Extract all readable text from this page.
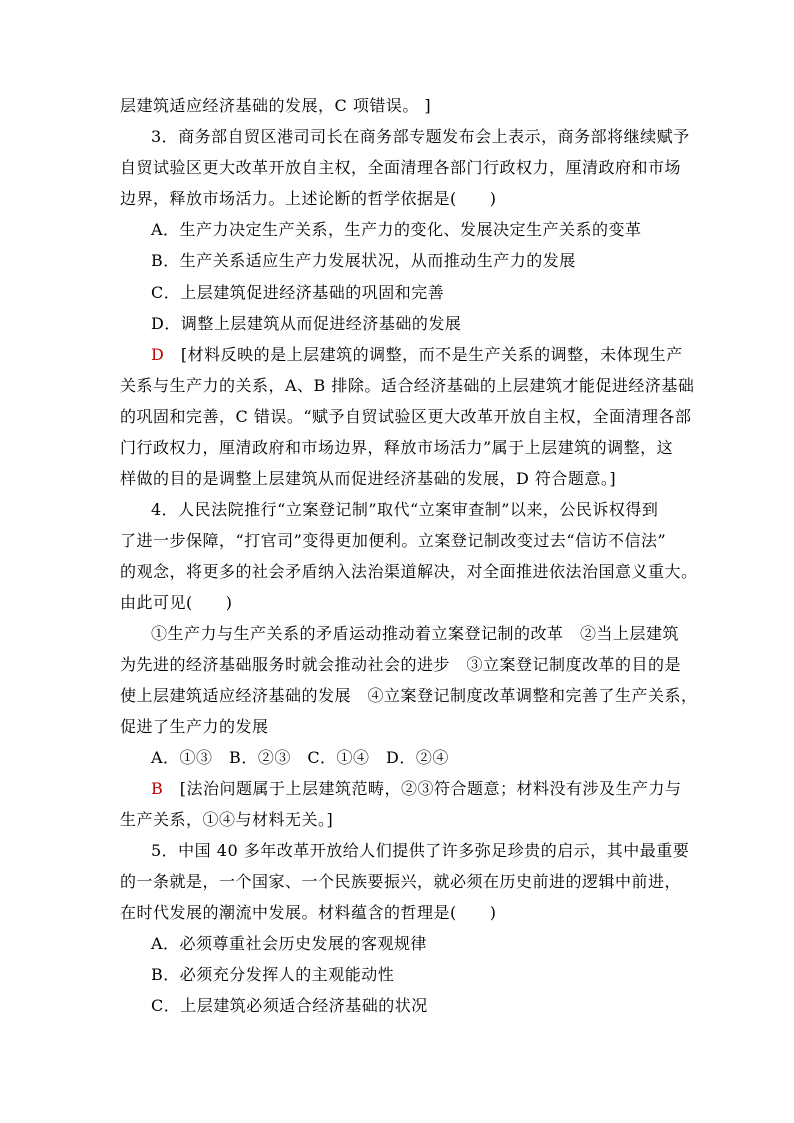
层建筑适应经济基础的发展，C 项错误。 ]
3．商务部自贸区港司司长在商务部专题发布会上表示，商务部将继续赋予
自贸试验区更大改革开放自主权，全面清理各部门行政权力，厘清政府和市场
边界，释放市场活力。上述论断的哲学依据是(　　)
A．生产力决定生产关系，生产力的变化、发展决定生产关系的变革
B．生产关系适应生产力发展状况，从而推动生产力的发展
C．上层建筑促进经济基础的巩固和完善
D．调整上层建筑从而促进经济基础的发展
D　 [材料反映的是上层建筑的调整，而不是生产关系的调整，未体现生产
关系与生产力的关系，A、B 排除。适合经济基础的上层建筑才能促进经济基础
的巩固和完善，C 错误。“赋予自贸试验区更大改革开放自主权，全面清理各部
门行政权力，厘清政府和市场边界，释放市场活力”属于上层建筑的调整，这
样做的目的是调整上层建筑从而促进经济基础的发展，D 符合题意。]
4．人民法院推行“立案登记制”取代“立案审查制”以来，公民诉权得到
了进一步保障，“打官司”变得更加便利。立案登记制改变过去“信访不信法”
的观念，将更多的社会矛盾纳入法治渠道解决，对全面推进依法治国意义重大。
由此可见(　　)
①生产力与生产关系的矛盾运动推动着立案登记制的改革　②当上层建筑
为先进的经济基础服务时就会推动社会的进步　③立案登记制度改革的目的是
使上层建筑适应经济基础的发展　④立案登记制度改革调整和完善了生产关系，
促进了生产力的发展
A．①③　B．②③　C．①④　D．②④
B　 [法治问题属于上层建筑范畴，②③符合题意；材料没有涉及生产力与
生产关系，①④与材料无关。]
5．中国 40 多年改革开放给人们提供了许多弥足珍贵的启示，其中最重要
的一条就是，一个国家、一个民族要振兴，就必须在历史前进的逻辑中前进，
在时代发展的潮流中发展。材料蕴含的哲理是(　　)
A．必须尊重社会历史发展的客观规律
B．必须充分发挥人的主观能动性
C．上层建筑必须适合经济基础的状况
